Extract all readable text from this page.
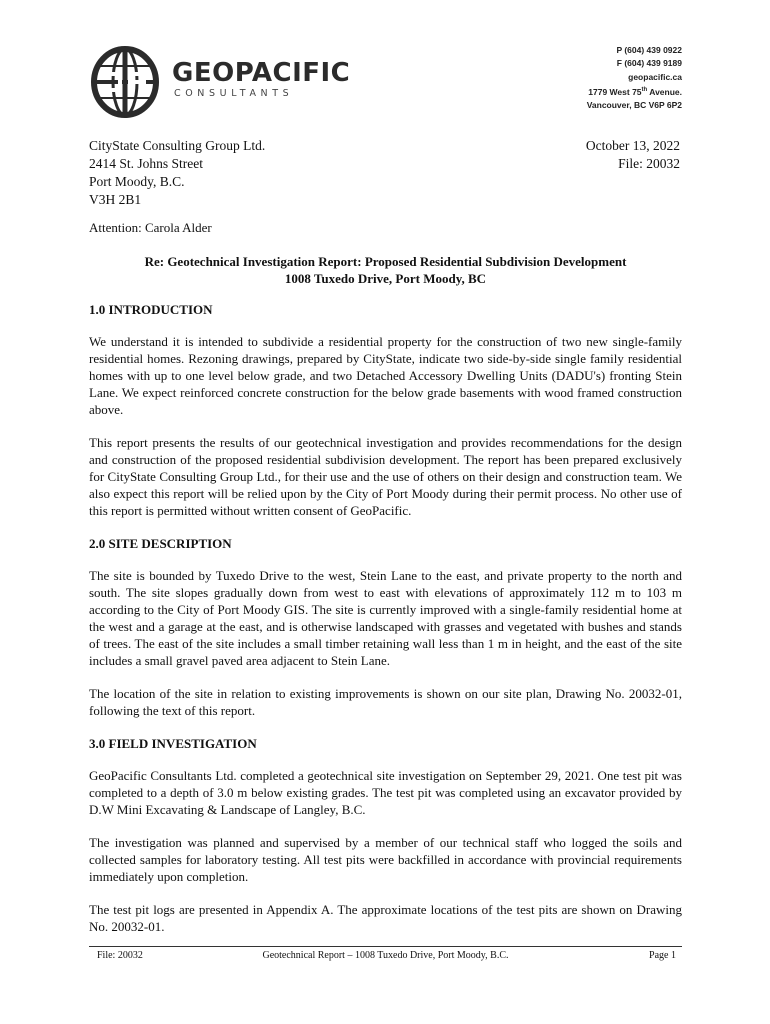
GEOPACIFIC
CONSULTANTS
P (604) 439 0922
F (604) 439 9189
geopacific.ca
1779 West 75th Avenue.
Vancouver, BC V6P 6P2
CityState Consulting Group Ltd.
2414 St. Johns Street
Port Moody, B.C.
V3H 2B1
October 13, 2022
File: 20032
Attention: Carola Alder
Re: Geotechnical Investigation Report: Proposed Residential Subdivision Development
1008 Tuxedo Drive, Port Moody, BC
1.0 INTRODUCTION

We understand it is intended to subdivide a residential property for the construction of two new single-family residential homes. Rezoning drawings, prepared by CityState, indicate two side-by-side single family residential homes with up to one level below grade, and two Detached Accessory Dwelling Units (DADU's) fronting Stein Lane. We expect reinforced concrete construction for the below grade basements with wood framed construction above.

This report presents the results of our geotechnical investigation and provides recommendations for the design and construction of the proposed residential subdivision development. The report has been prepared exclusively for CityState Consulting Group Ltd., for their use and the use of others on their design and construction team. We also expect this report will be relied upon by the City of Port Moody during their permit process. No other use of this report is permitted without written consent of GeoPacific.

2.0 SITE DESCRIPTION

The site is bounded by Tuxedo Drive to the west, Stein Lane to the east, and private property to the north and south. The site slopes gradually down from west to east with elevations of approximately 112 m to 103 m according to the City of Port Moody GIS. The site is currently improved with a single-family residential home at the west and a garage at the east, and is otherwise landscaped with grasses and vegetated with bushes and stands of trees. The east of the site includes a small timber retaining wall less than 1 m in height, and the east of the site includes a small gravel paved area adjacent to Stein Lane.

The location of the site in relation to existing improvements is shown on our site plan, Drawing No. 20032-01, following the text of this report.

3.0 FIELD INVESTIGATION

GeoPacific Consultants Ltd. completed a geotechnical site investigation on September 29, 2021. One test pit was completed to a depth of 3.0 m below existing grades. The test pit was completed using an excavator provided by D.W Mini Excavating & Landscape of Langley, B.C.

The investigation was planned and supervised by a member of our technical staff who logged the soils and collected samples for laboratory testing. All test pits were backfilled in accordance with provincial requirements immediately upon completion.

The test pit logs are presented in Appendix A. The approximate locations of the test pits are shown on Drawing No. 20032-01.

File: 20032	Geotechnical Report – 1008 Tuxedo Drive, Port Moody, B.C.	Page 1
